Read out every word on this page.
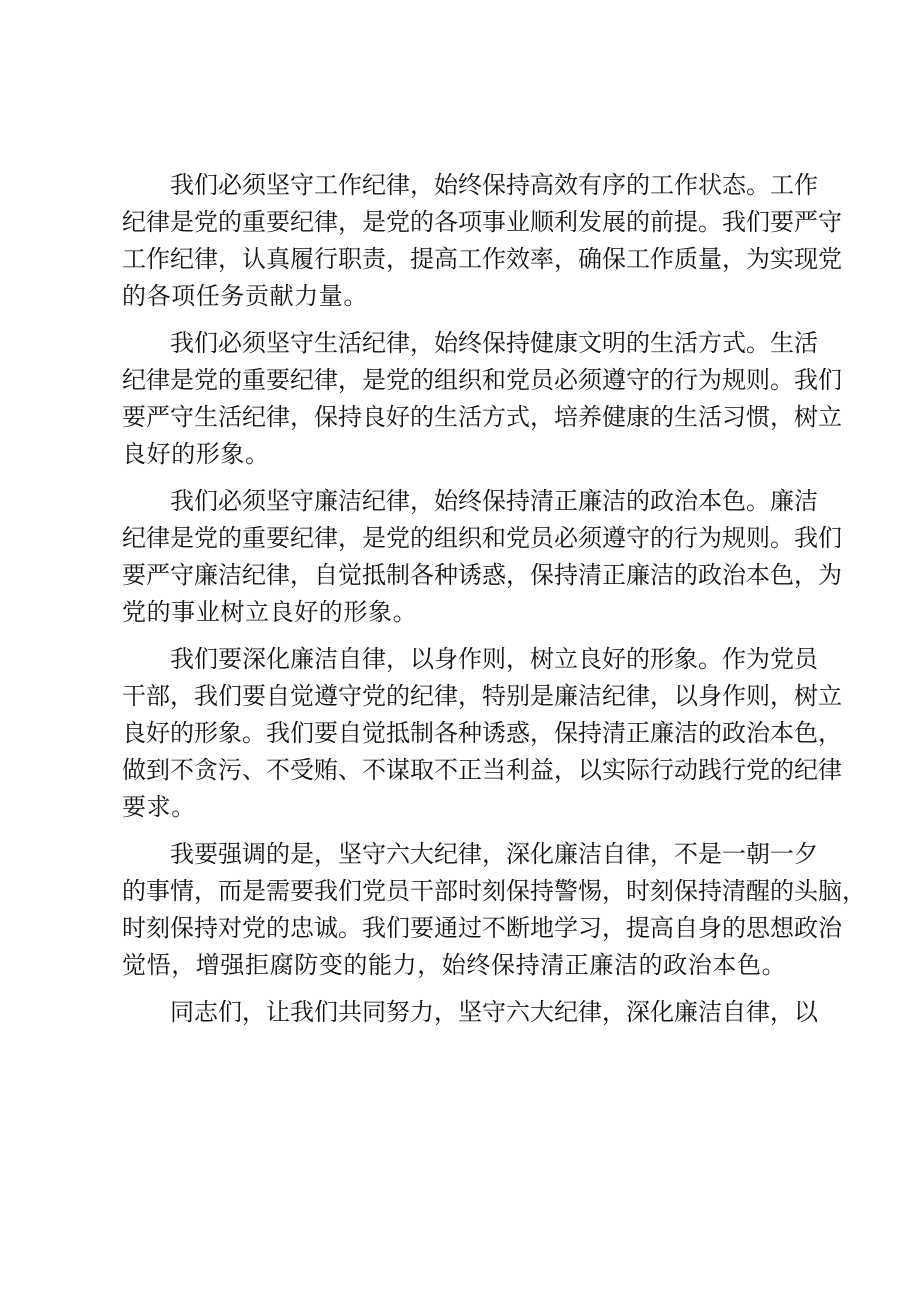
我们必须坚守工作纪律，始终保持高效有序的工作状态。工作
纪律是党的重要纪律，是党的各项事业顺利发展的前提。我们要严守
工作纪律，认真履行职责，提高工作效率，确保工作质量，为实现党
的各项任务贡献力量。
我们必须坚守生活纪律，始终保持健康文明的生活方式。生活
纪律是党的重要纪律，是党的组织和党员必须遵守的行为规则。我们
要严守生活纪律，保持良好的生活方式，培养健康的生活习惯，树立
良好的形象。
我们必须坚守廉洁纪律，始终保持清正廉洁的政治本色。廉洁
纪律是党的重要纪律，是党的组织和党员必须遵守的行为规则。我们
要严守廉洁纪律，自觉抵制各种诱惑，保持清正廉洁的政治本色，为
党的事业树立良好的形象。
我们要深化廉洁自律，以身作则，树立良好的形象。作为党员
干部，我们要自觉遵守党的纪律，特别是廉洁纪律，以身作则，树立
良好的形象。我们要自觉抵制各种诱惑，保持清正廉洁的政治本色，
做到不贪污、不受贿、不谋取不正当利益，以实际行动践行党的纪律
要求。
我要强调的是，坚守六大纪律，深化廉洁自律，不是一朝一夕
的事情，而是需要我们党员干部时刻保持警惕，时刻保持清醒的头脑，
时刻保持对党的忠诚。我们要通过不断地学习，提高自身的思想政治
觉悟，增强拒腐防变的能力，始终保持清正廉洁的政治本色。
同志们，让我们共同努力，坚守六大纪律，深化廉洁自律，以
